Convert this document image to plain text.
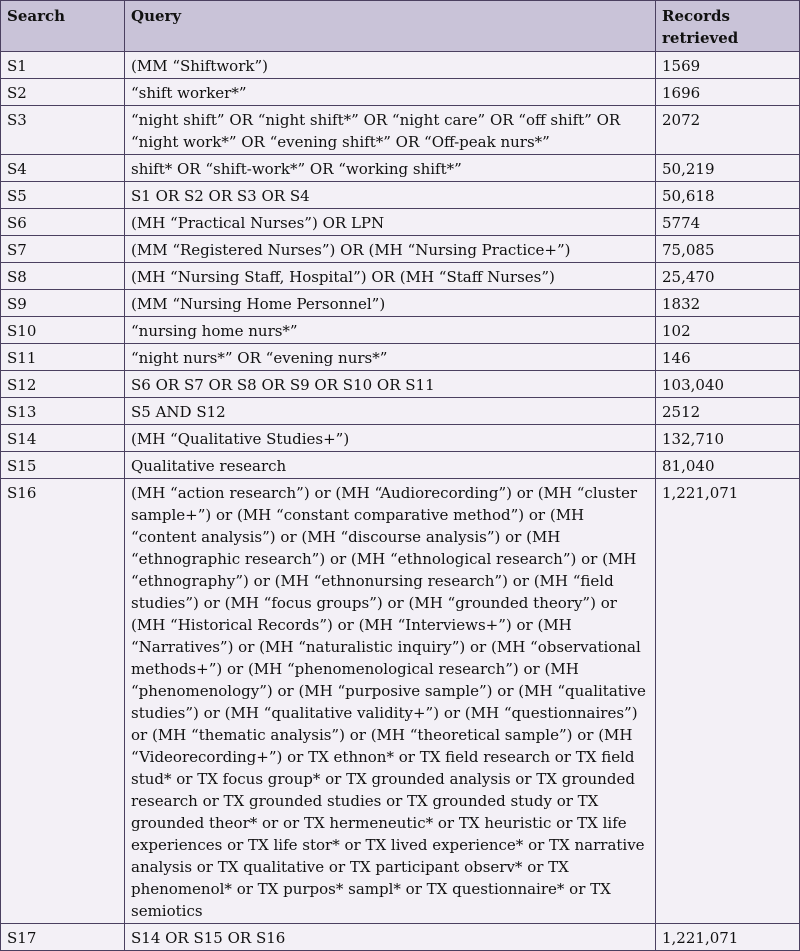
Search	Query	Records retrieved
S1	(MM “Shiftwork”)	1569
S2	“shift worker*”	1696
S3	“night shift” OR “night shift*” OR “night care” OR “off shift” OR “night work*” OR “evening shift*” OR “Off-peak nurs*”	2072
S4	shift* OR “shift-work*” OR “working shift*”	50,219
S5	S1 OR S2 OR S3 OR S4	50,618
S6	(MH “Practical Nurses”) OR LPN	5774
S7	(MM “Registered Nurses”) OR (MH “Nursing Practice+”)	75,085
S8	(MH “Nursing Staff, Hospital”) OR (MH “Staff Nurses”)	25,470
S9	(MM “Nursing Home Personnel”)	1832
S10	“nursing home nurs*”	102
S11	“night nurs*” OR “evening nurs*”	146
S12	S6 OR S7 OR S8 OR S9 OR S10 OR S11	103,040
S13	S5 AND S12	2512
S14	(MH “Qualitative Studies+”)	132,710
S15	Qualitative research	81,040
S16	(MH “action research”) or (MH “Audiorecording”) or (MH “cluster sample+”) or (MH “constant comparative method”) or (MH “content analysis”) or (MH “discourse analysis”) or (MH “ethnographic research”) or (MH “ethnological research”) or (MH “ethnography”) or (MH “ethnonursing research”) or (MH “field studies”) or (MH “focus groups”) or (MH “grounded theory”) or (MH “Historical Records”) or (MH “Interviews+”) or (MH “Narratives”) or (MH “naturalistic inquiry”) or (MH “observational methods+”) or (MH “phenomenological research”) or (MH “phenomenology”) or (MH “purposive sample”) or (MH “qualitative studies”) or (MH “qualitative validity+”) or (MH “questionnaires”) or (MH “thematic analysis”) or (MH “theoretical sample”) or (MH “Videorecording+”) or TX ethnon* or TX field research or TX field stud* or TX focus group* or TX grounded analysis or TX grounded research or TX grounded studies or TX grounded study or TX grounded theor* or or TX hermeneutic* or TX heuristic or TX life experiences or TX life stor* or TX lived experience* or TX narrative analysis or TX qualitative or TX participant observ* or TX phenomenol* or TX purpos* sampl* or TX questionnaire* or TX semiotics	1,221,071
S17	S14 OR S15 OR S16	1,221,071
